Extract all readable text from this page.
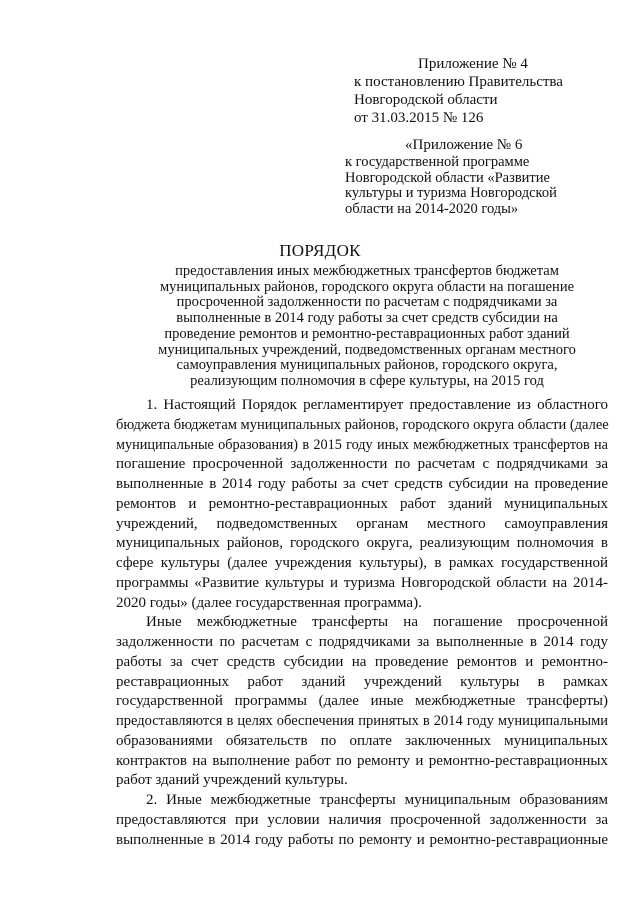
Приложение № 4
к постановлению Правительства
Новгородской области
от 31.03.2015 № 126
«Приложение № 6
к государственной программе
Новгородской области «Развитие
культуры и туризма Новгородской
области на 2014-2020 годы»
ПОРЯДОК
предоставления иных межбюджетных трансфертов бюджетам
муниципальных районов, городского округа области на погашение
просроченной задолженности по расчетам с подрядчиками за
выполненные в 2014 году работы за счет средств субсидии на
проведение ремонтов и ремонтно-реставрационных работ зданий
муниципальных учреждений, подведомственных органам местного
самоуправления муниципальных районов, городского округа,
реализующим полномочия в сфере культуры, на 2015 год
1. Настоящий Порядок регламентирует предоставление из областного
бюджета бюджетам муниципальных районов, городского округа области (далее
муниципальные образования) в 2015 году иных межбюджетных трансфертов на
погашение просроченной задолженности по расчетам с подрядчиками за
выполненные в 2014 году работы за счет средств субсидии на проведение
ремонтов и ремонтно-реставрационных работ зданий муниципальных
учреждений, подведомственных органам местного самоуправления
муниципальных районов, городского округа, реализующим полномочия в
сфере культуры (далее учреждения культуры), в рамках государственной
программы «Развитие культуры и туризма Новгородской области на 2014-
2020 годы» (далее государственная программа).
Иные межбюджетные трансферты на погашение просроченной
задолженности по расчетам с подрядчиками за выполненные в 2014 году
работы за счет средств субсидии на проведение ремонтов и ремонтно-
реставрационных работ зданий учреждений культуры в рамках
государственной программы (далее иные межбюджетные трансферты)
предоставляются в целях обеспечения принятых в 2014 году муниципальными
образованиями обязательств по оплате заключенных муниципальных
контрактов на выполнение работ по ремонту и ремонтно-реставрационных
работ зданий учреждений культуры.
2. Иные межбюджетные трансферты муниципальным образованиям
предоставляются при условии наличия просроченной задолженности за
выполненные в 2014 году работы по ремонту и ремонтно-реставрационные
